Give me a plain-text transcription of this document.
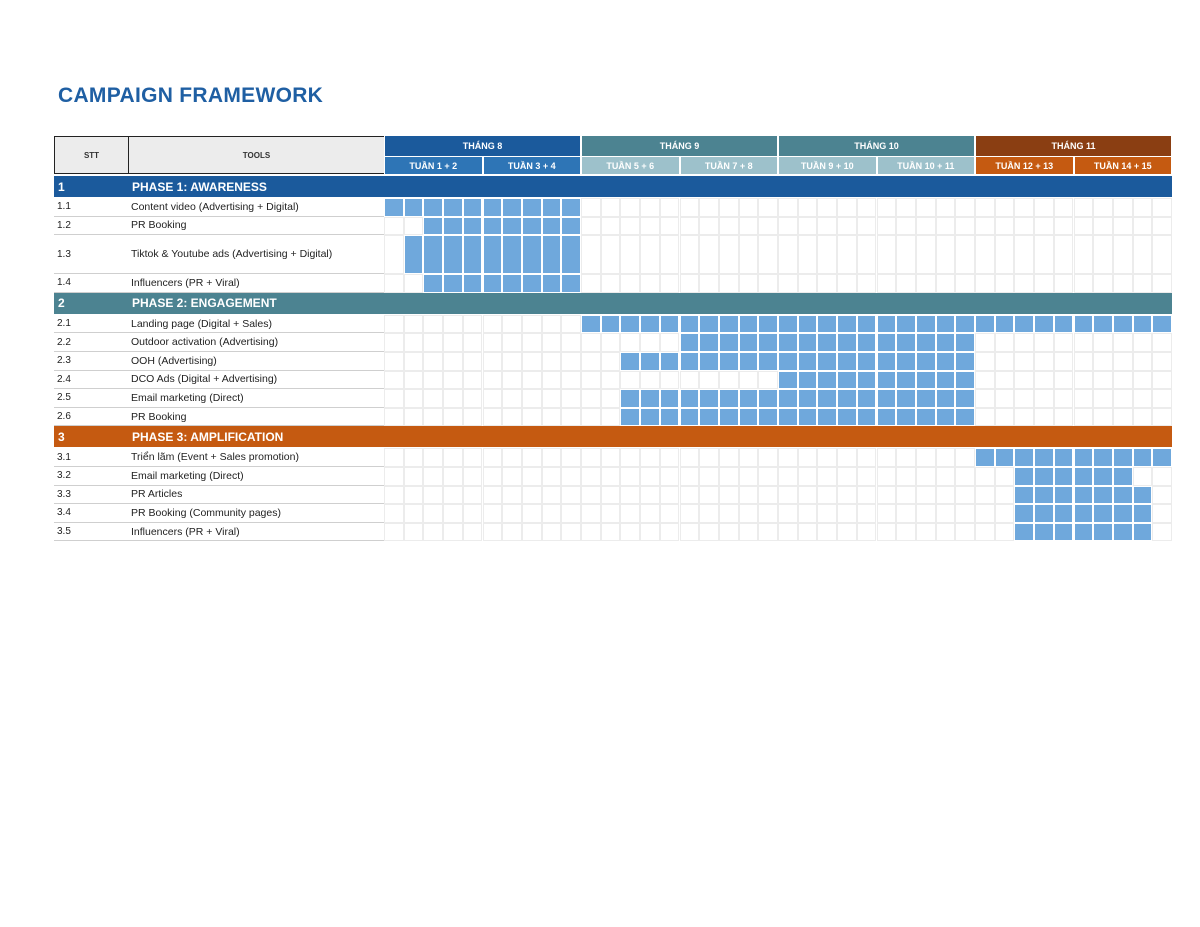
CAMPAIGN FRAMEWORK
STT	TOOLS
THÁNG 8
TUẦN 1 + 2	TUẦN 3 + 4
THÁNG 9
TUẦN 5 + 6	TUẦN 7 + 8
THÁNG 10
TUẦN 9 + 10	TUẦN 10 + 11
THÁNG 11
TUẦN 12 + 13	TUẦN 14 + 15
1	PHASE 1: AWARENESS
1.1	Content video (Advertising + Digital)
1.2	PR Booking
1.3	Tiktok & Youtube ads (Advertising + Digital)
1.4	Influencers (PR + Viral)
2	PHASE 2: ENGAGEMENT
2.1	Landing page (Digital + Sales)
2.2	Outdoor activation (Advertising)
2.3	OOH (Advertising)
2.4	DCO Ads (Digital + Advertising)
2.5	Email marketing (Direct)
2.6	PR Booking
3	PHASE 3: AMPLIFICATION
3.1	Triển lãm (Event + Sales promotion)
3.2	Email marketing (Direct)
3.3	PR Articles
3.4	PR Booking (Community pages)
3.5	Influencers (PR + Viral)
